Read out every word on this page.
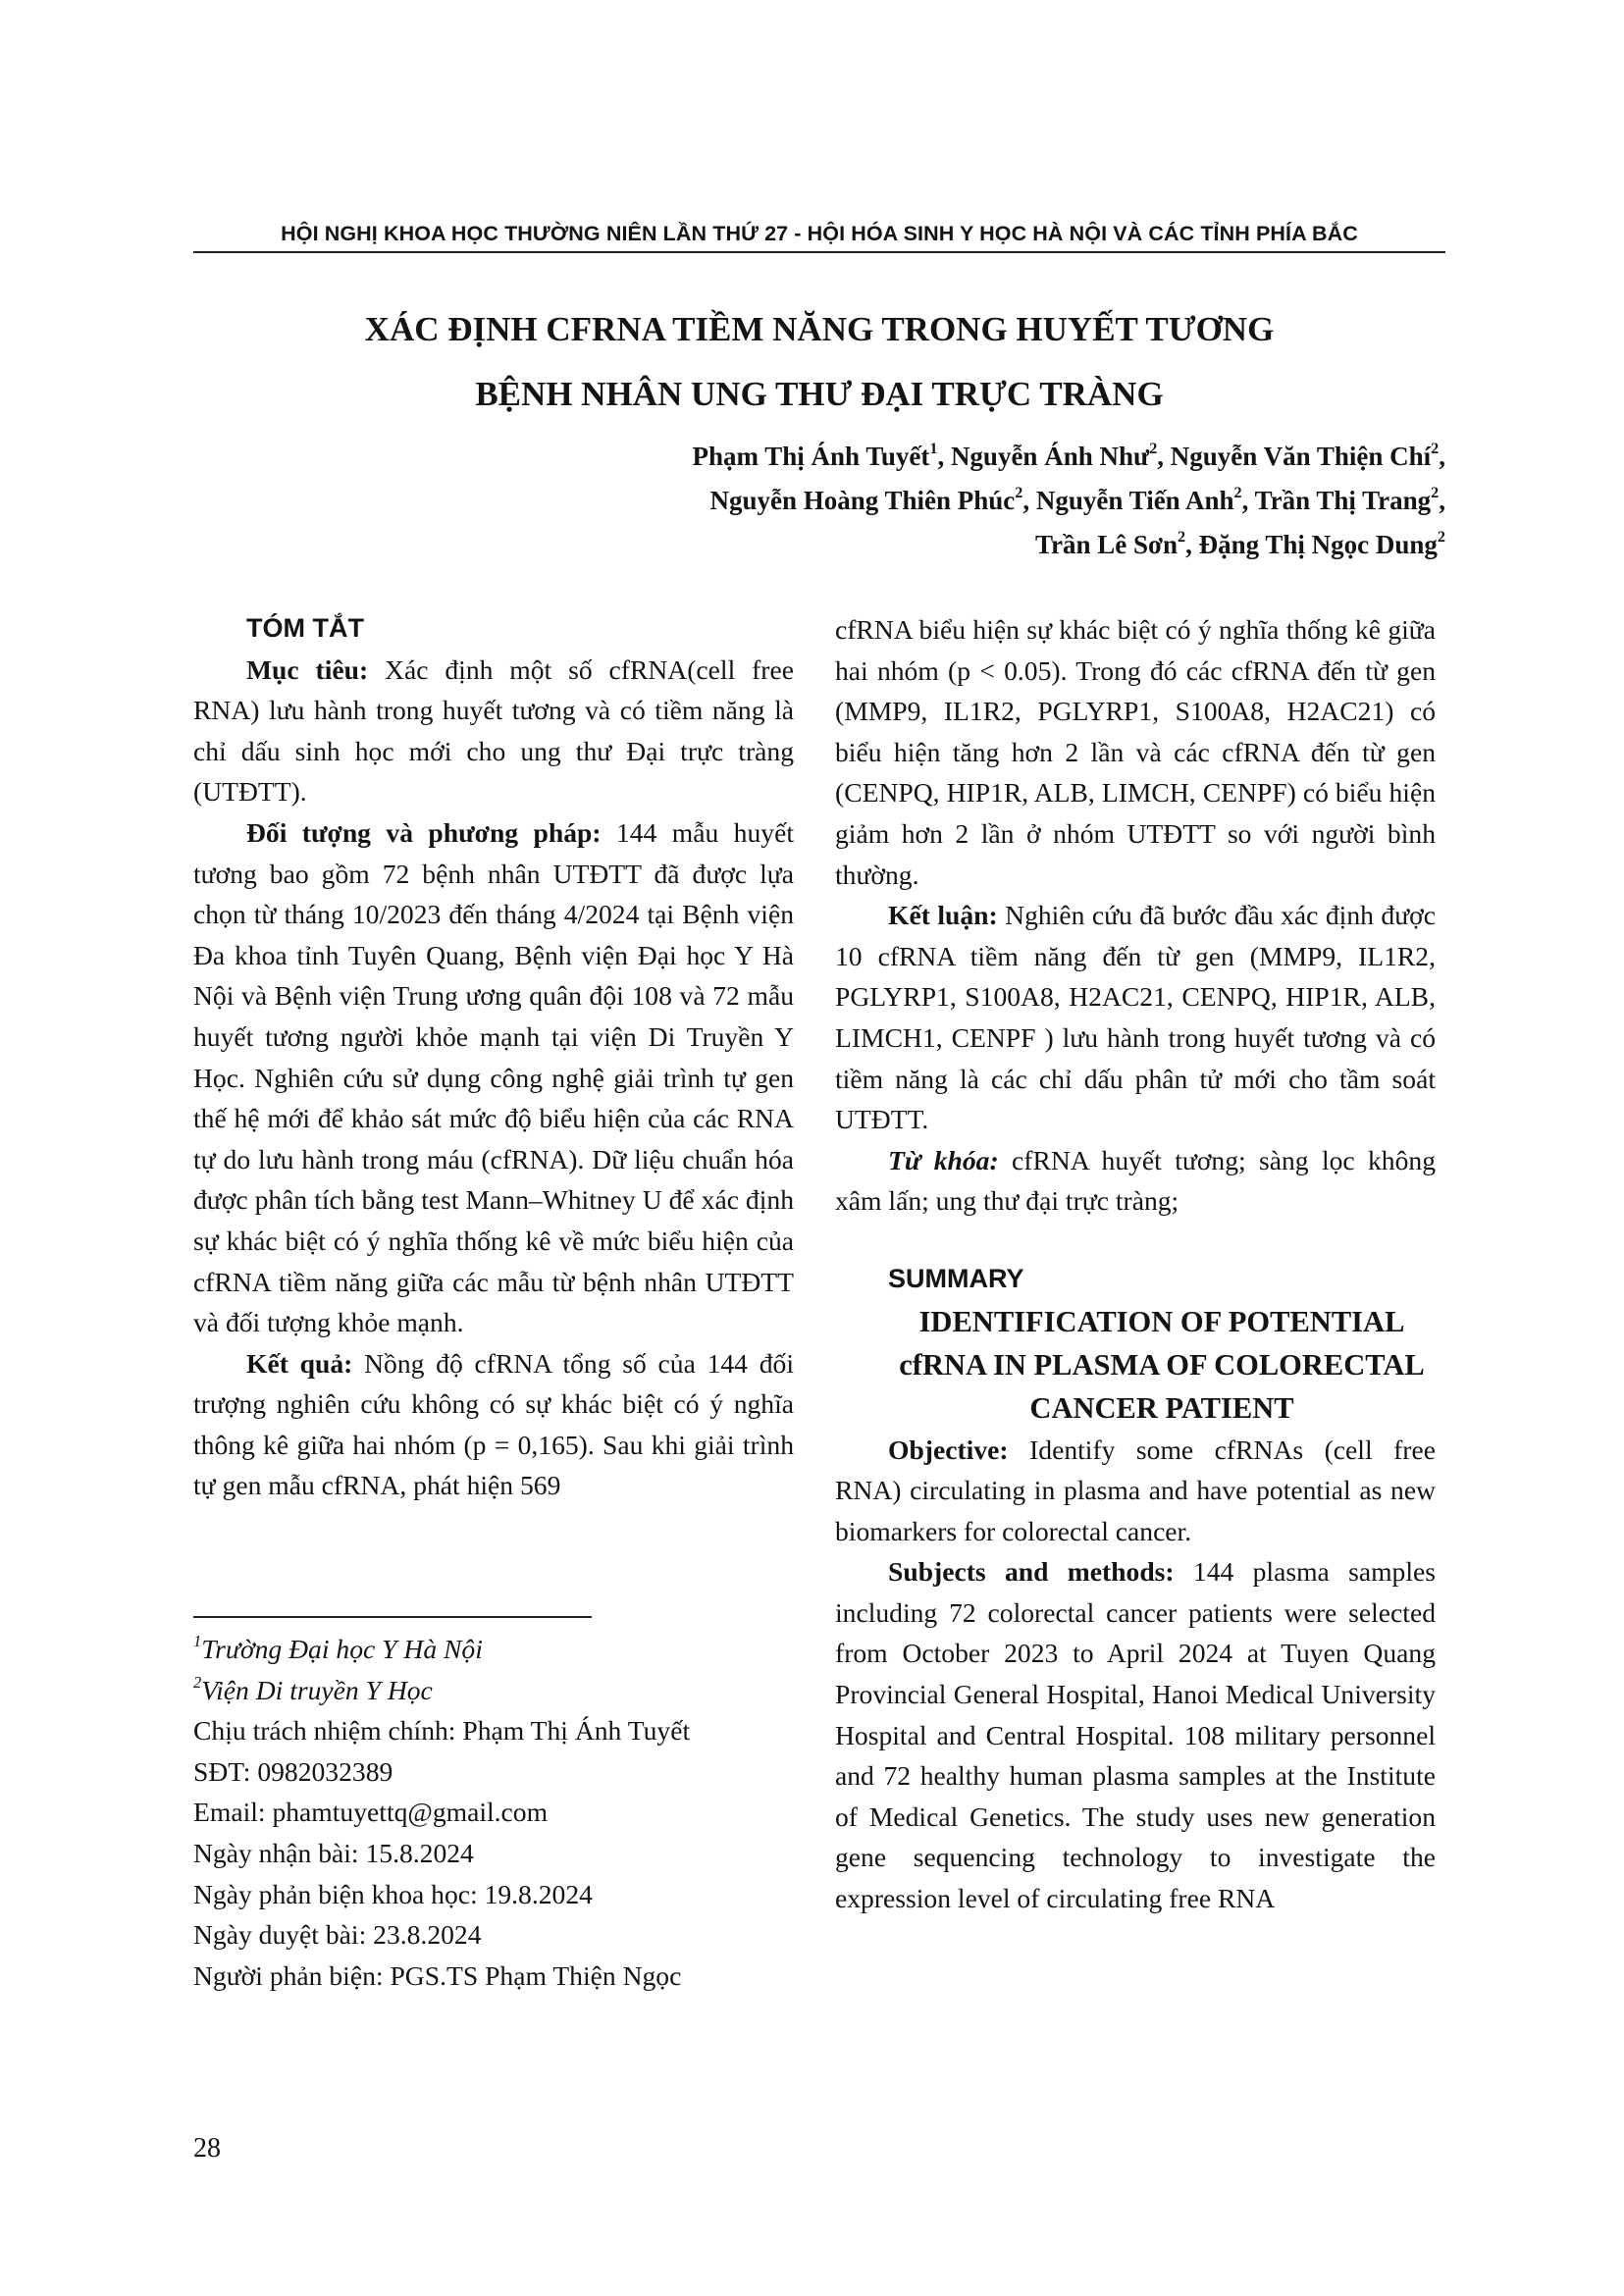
HỘI NGHỊ KHOA HỌC THƯỜNG NIÊN LẦN THỨ 27 - HỘI HÓA SINH Y HỌC HÀ NỘI VÀ CÁC TỈNH PHÍA BẮC
XÁC ĐỊNH CFRNA TIỀM NĂNG TRONG HUYẾT TƯƠNG
BỆNH NHÂN UNG THƯ ĐẠI TRỰC TRÀNG
Phạm Thị Ánh Tuyết$^1$, Nguyễn Ánh Như$^2$, Nguyễn Văn Thiện Chí$^2$,
Nguyễn Hoàng Thiên Phúc$^2$, Nguyễn Tiến Anh$^2$, Trần Thị Trang$^2$,
Trần Lê Sơn$^2$, Đặng Thị Ngọc Dung$^2$

TÓM TẮT

Mục tiêu: Xác định một số cfRNA(cell free RNA) lưu hành trong huyết tương và có tiềm năng là chỉ dấu sinh học mới cho ung thư Đại trực tràng (UTĐTT).

Đối tượng và phương pháp: 144 mẫu huyết tương bao gồm 72 bệnh nhân UTĐTT đã được lựa chọn từ tháng 10/2023 đến tháng 4/2024 tại Bệnh viện Đa khoa tỉnh Tuyên Quang, Bệnh viện Đại học Y Hà Nội và Bệnh viện Trung ương quân đội 108 và 72 mẫu huyết tương người khỏe mạnh tại viện Di Truyền Y Học. Nghiên cứu sử dụng công nghệ giải trình tự gen thế hệ mới để khảo sát mức độ biểu hiện của các RNA tự do lưu hành trong máu (cfRNA). Dữ liệu chuẩn hóa được phân tích bằng test Mann–Whitney U để xác định sự khác biệt có ý nghĩa thống kê về mức biểu hiện của cfRNA tiềm năng giữa các mẫu từ bệnh nhân UTĐTT và đối tượng khỏe mạnh.

Kết quả: Nồng độ cfRNA tổng số của 144 đối trượng nghiên cứu không có sự khác biệt có ý nghĩa thông kê giữa hai nhóm (p = 0,165). Sau khi giải trình tự gen mẫu cfRNA, phát hiện 569

cfRNA biểu hiện sự khác biệt có ý nghĩa thống kê giữa hai nhóm (p < 0.05). Trong đó các cfRNA đến từ gen (MMP9, IL1R2, PGLYRP1, S100A8, H2AC21) có biểu hiện tăng hơn 2 lần và các cfRNA đến từ gen (CENPQ, HIP1R, ALB, LIMCH, CENPF) có biểu hiện giảm hơn 2 lần ở nhóm UTĐTT so với người bình thường.

Kết luận: Nghiên cứu đã bước đầu xác định được 10 cfRNA tiềm năng đến từ gen (MMP9, IL1R2, PGLYRP1, S100A8, H2AC21, CENPQ, HIP1R, ALB, LIMCH1, CENPF ) lưu hành trong huyết tương và có tiềm năng là các chỉ dấu phân tử mới cho tầm soát UTĐTT.

Từ khóa: cfRNA huyết tương; sàng lọc không xâm lấn; ung thư đại trực tràng;

SUMMARY

IDENTIFICATION OF POTENTIAL

cfRNA IN PLASMA OF COLORECTAL

CANCER PATIENT

Objective: Identify some cfRNAs (cell free RNA) circulating in plasma and have potential as new biomarkers for colorectal cancer.

Subjects and methods: 144 plasma samples including 72 colorectal cancer patients were selected from October 2023 to April 2024 at Tuyen Quang Provincial General Hospital, Hanoi Medical University Hospital and Central Hospital. 108 military personnel and 72 healthy human plasma samples at the Institute of Medical Genetics. The study uses new generation gene sequencing technology to investigate the expression level of circulating free RNA

$^1$Trường Đại học Y Hà Nội
$^2$Viện Di truyền Y Học
Chịu trách nhiệm chính: Phạm Thị Ánh Tuyết
SĐT: 0982032389
Email: phamtuyettq@gmail.com
Ngày nhận bài: 15.8.2024
Ngày phản biện khoa học: 19.8.2024
Ngày duyệt bài: 23.8.2024
Người phản biện: PGS.TS Phạm Thiện Ngọc
28
